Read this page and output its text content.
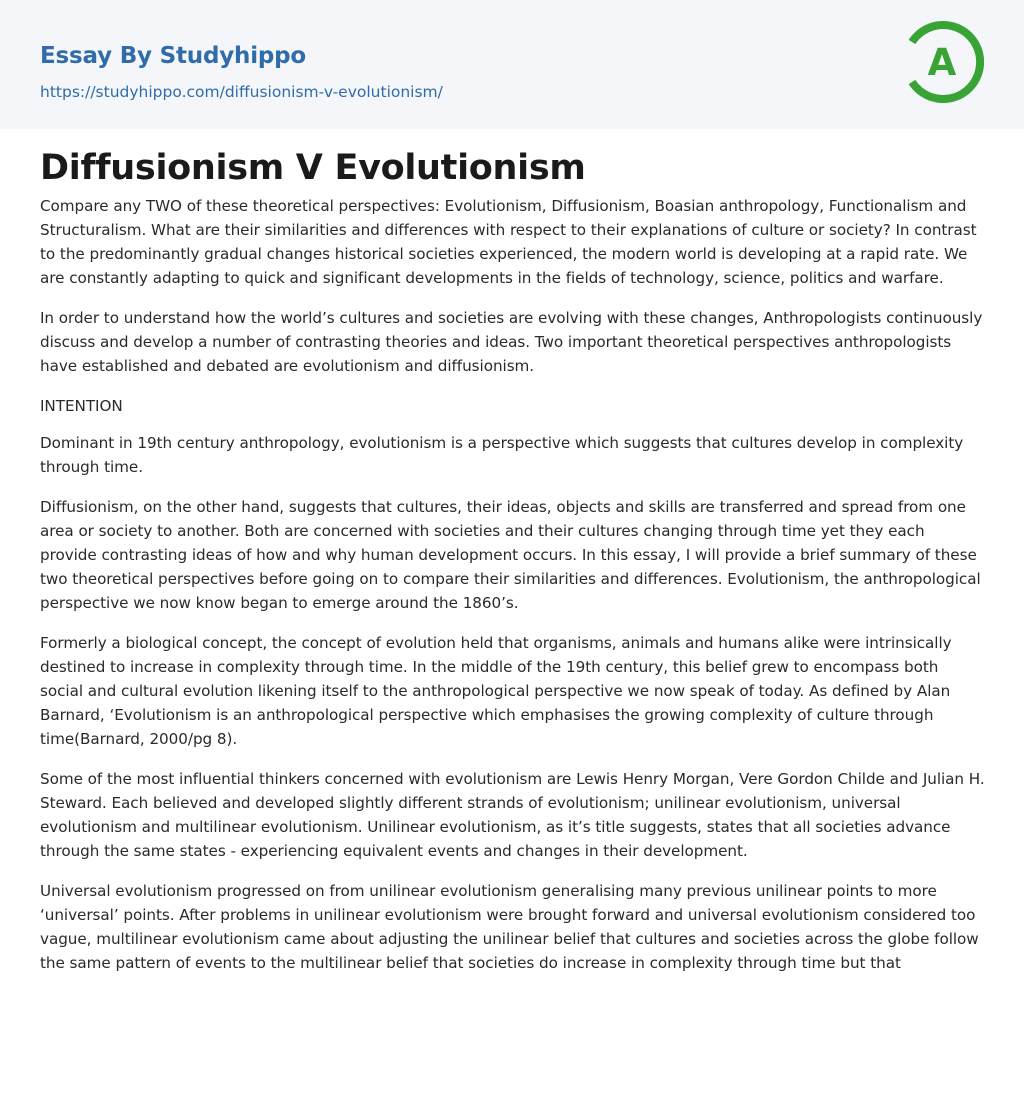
Essay By Studyhippo
https://studyhippo.com/diffusionism-v-evolutionism/
A
Diffusionism V Evolutionism

Compare any TWO of these theoretical perspectives: Evolutionism, Diffusionism, Boasian anthropology, Functionalism and Structuralism. What are their similarities and differences with respect to their explanations of culture or society? In contrast to the predominantly gradual changes historical societies experienced, the modern world is developing at a rapid rate. We are constantly adapting to quick and significant developments in the fields of technology, science, politics and warfare.

In order to understand how the world’s cultures and societies are evolving with these changes, Anthropologists continuously discuss and develop a number of contrasting theories and ideas. Two important theoretical perspectives anthropologists have established and debated are evolutionism and diffusionism.

INTENTION

Dominant in 19th century anthropology, evolutionism is a perspective which suggests that cultures develop in complexity through time.

Diffusionism, on the other hand, suggests that cultures, their ideas, objects and skills are transferred and spread from one area or society to another. Both are concerned with societies and their cultures changing through time yet they each provide contrasting ideas of how and why human development occurs. In this essay, I will provide a brief summary of these two theoretical perspectives before going on to compare their similarities and differences. Evolutionism, the anthropological perspective we now know began to emerge around the 1860’s.

Formerly a biological concept, the concept of evolution held that organisms, animals and humans alike were intrinsically destined to increase in complexity through time. In the middle of the 19th century, this belief grew to encompass both social and cultural evolution likening itself to the anthropological perspective we now speak of today. As defined by Alan Barnard, ‘Evolutionism is an anthropological perspective which emphasises the growing complexity of culture through time(Barnard, 2000/pg 8).

Some of the most influential thinkers concerned with evolutionism are Lewis Henry Morgan, Vere Gordon Childe and Julian H. Steward. Each believed and developed slightly different strands of evolutionism; unilinear evolutionism, universal evolutionism and multilinear evolutionism. Unilinear evolutionism, as it’s title suggests, states that all societies advance through the same states - experiencing equivalent events and changes in their development.

Universal evolutionism progressed on from unilinear evolutionism generalising many previous unilinear points to more ‘universal’ points. After problems in unilinear evolutionism were brought forward and universal evolutionism considered too vague, multilinear evolutionism came about adjusting the unilinear belief that cultures and societies across the globe follow the same pattern of events to the multilinear belief that societies do increase in complexity through time but that
